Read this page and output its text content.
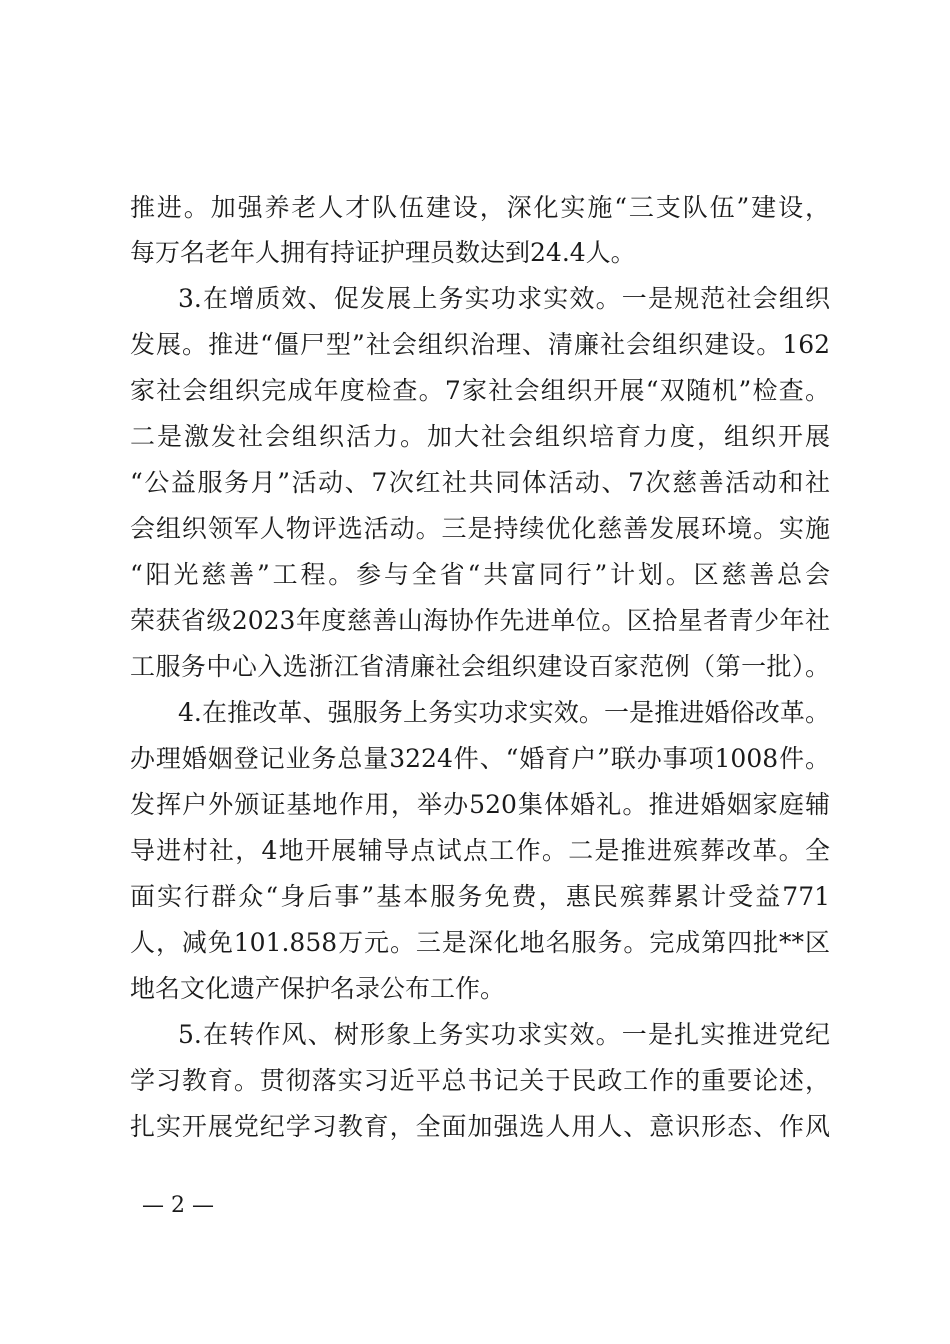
推进。加强养老人才队伍建设，深化实施“三支队伍”建设，
每万名老年人拥有持证护理员数达到24.4人。
3.在增质效、促发展上务实功求实效。一是规范社会组织
发展。推进“僵尸型”社会组织治理、清廉社会组织建设。162
家社会组织完成年度检查。7家社会组织开展“双随机”检查。
二是激发社会组织活力。加大社会组织培育力度，组织开展
“公益服务月”活动、7次红社共同体活动、7次慈善活动和社
会组织领军人物评选活动。三是持续优化慈善发展环境。实施
“阳光慈善”工程。参与全省“共富同行”计划。区慈善总会
荣获省级2023年度慈善山海协作先进单位。区拾星者青少年社
工服务中心入选浙江省清廉社会组织建设百家范例（第一批）。
4.在推改革、强服务上务实功求实效。一是推进婚俗改革。
办理婚姻登记业务总量3224件、“婚育户”联办事项1008件。
发挥户外颁证基地作用，举办520集体婚礼。推进婚姻家庭辅
导进村社，4地开展辅导点试点工作。二是推进殡葬改革。全
面实行群众“身后事”基本服务免费，惠民殡葬累计受益771
人，减免101.858万元。三是深化地名服务。完成第四批**区
地名文化遗产保护名录公布工作。
5.在转作风、树形象上务实功求实效。一是扎实推进党纪
学习教育。贯彻落实习近平总书记关于民政工作的重要论述，
扎实开展党纪学习教育，全面加强选人用人、意识形态、作风
— 2 —
